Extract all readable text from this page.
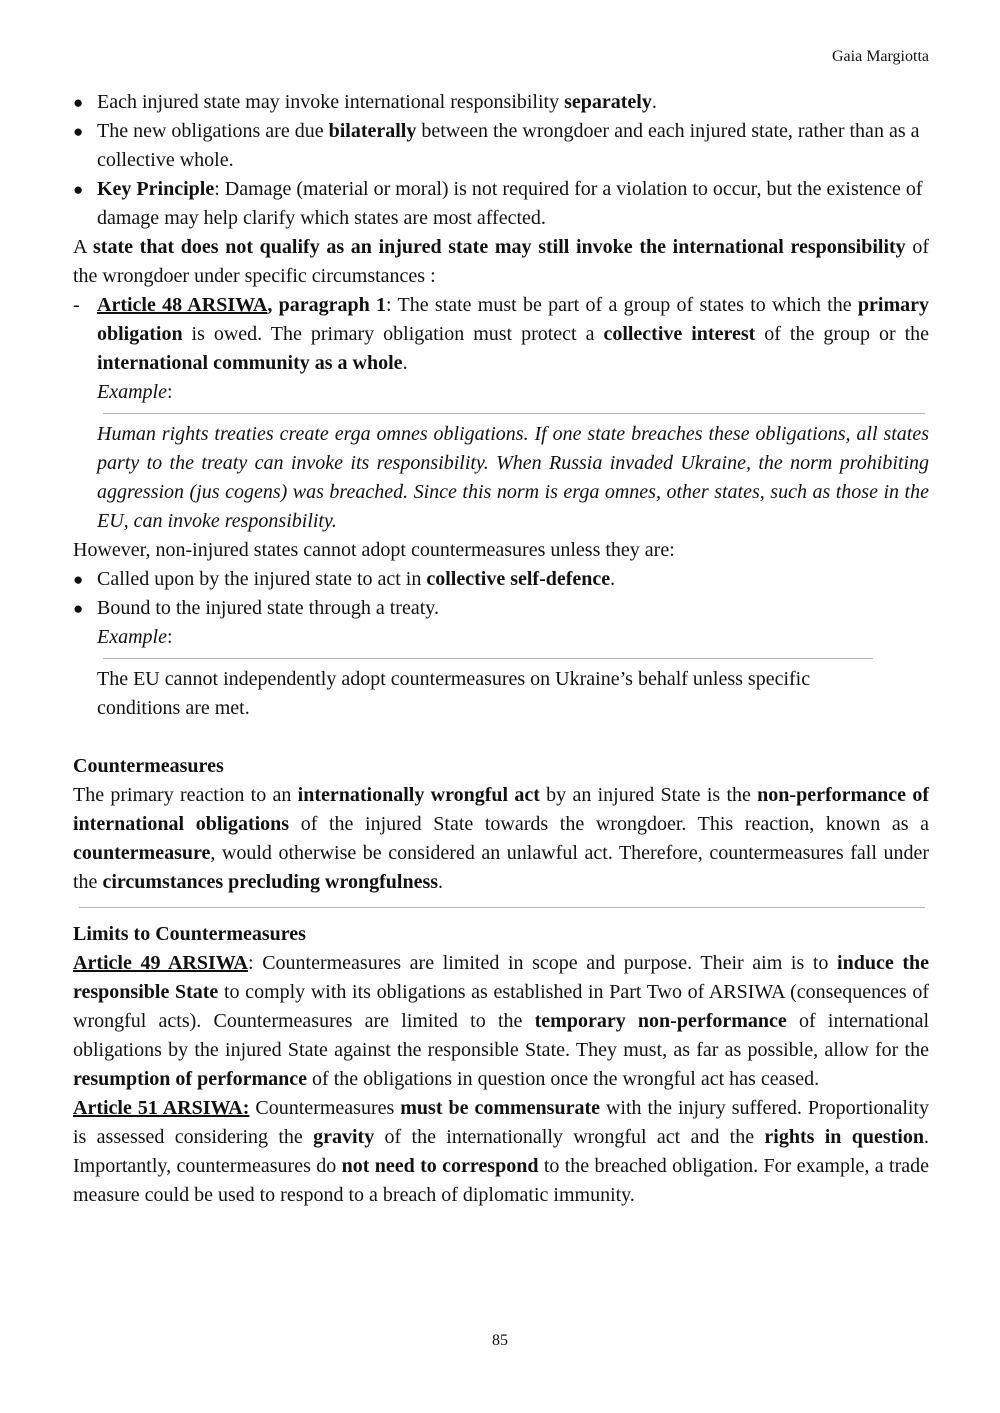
Gaia Margiotta
● Each injured state may invoke international responsibility separately.
● The new obligations are due bilaterally between the wrongdoer and each injured state, rather than as a collective whole.
● Key Principle: Damage (material or moral) is not required for a violation to occur, but the existence of damage may help clarify which states are most affected.

A state that does not qualify as an injured state may still invoke the international responsibility of the wrongdoer under specific circumstances :

- Article 48 ARSIWA, paragraph 1: The state must be part of a group of states to which the primary obligation is owed. The primary obligation must protect a collective interest of the group or the international community as a whole.

Example:

Human rights treaties create erga omnes obligations. If one state breaches these obligations, all states party to the treaty can invoke its responsibility. When Russia invaded Ukraine, the norm prohibiting aggression (jus cogens) was breached. Since this norm is erga omnes, other states, such as those in the EU, can invoke responsibility.

However, non-injured states cannot adopt countermeasures unless they are:

● Called upon by the injured state to act in collective self-defence.
● Bound to the injured state through a treaty.

Example:

The EU cannot independently adopt countermeasures on Ukraine’s behalf unless specific conditions are met.

Countermeasures

The primary reaction to an internationally wrongful act by an injured State is the non-performance of international obligations of the injured State towards the wrongdoer. This reaction, known as a countermeasure, would otherwise be considered an unlawful act. Therefore, countermeasures fall under the circumstances precluding wrongfulness.

Limits to Countermeasures

Article 49 ARSIWA: Countermeasures are limited in scope and purpose. Their aim is to induce the responsible State to comply with its obligations as established in Part Two of ARSIWA (consequences of wrongful acts). Countermeasures are limited to the temporary non-performance of international obligations by the injured State against the responsible State. They must, as far as possible, allow for the resumption of performance of the obligations in question once the wrongful act has ceased.

Article 51 ARSIWA: Countermeasures must be commensurate with the injury suffered. Proportionality is assessed considering the gravity of the internationally wrongful act and the rights in question. Importantly, countermeasures do not need to correspond to the breached obligation. For example, a trade measure could be used to respond to a breach of diplomatic immunity.

85
